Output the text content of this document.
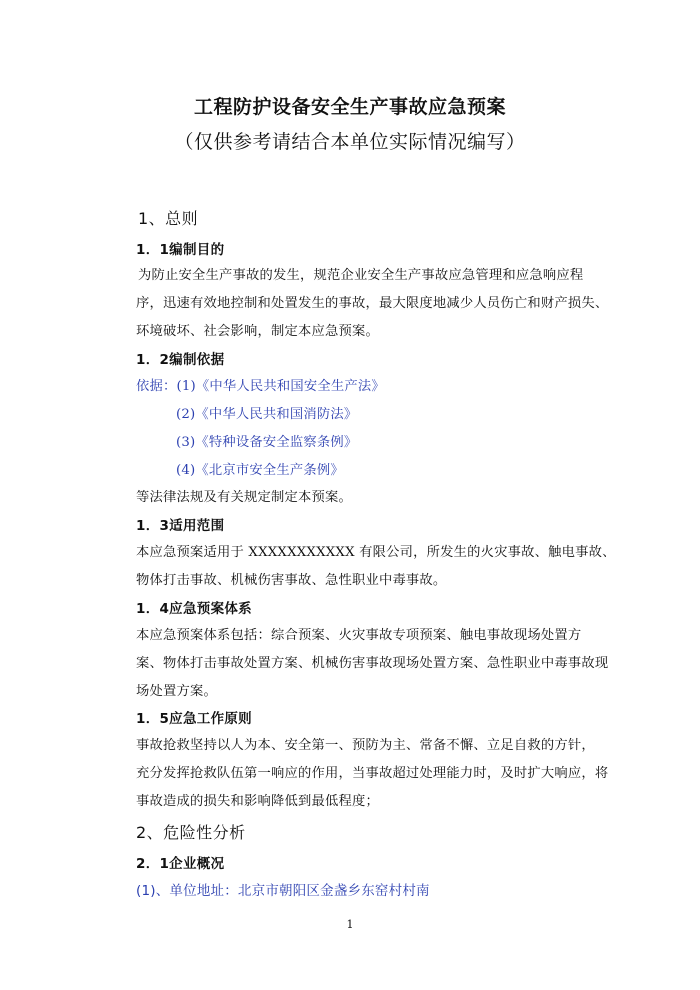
工程防护设备安全生产事故应急预案
（仅供参考请结合本单位实际情况编写）
1、总则
1．1编制目的
为防止安全生产事故的发生，规范企业安全生产事故应急管理和应急响应程
序，迅速有效地控制和处置发生的事故，最大限度地减少人员伤亡和财产损失、
环境破坏、社会影响，制定本应急预案。
1．2编制依据
依据：(1)《中华人民共和国安全生产法》
(2)《中华人民共和国消防法》
(3)《特种设备安全监察条例》
(4)《北京市安全生产条例》
等法律法规及有关规定制定本预案。
1．3适用范围
本应急预案适用于 XXXXXXXXXXX 有限公司，所发生的火灾事故、触电事故、
物体打击事故、机械伤害事故、急性职业中毒事故。
1．4应急预案体系
本应急预案体系包括：综合预案、火灾事故专项预案、触电事故现场处置方
案、物体打击事故处置方案、机械伤害事故现场处置方案、急性职业中毒事故现
场处置方案。
1．5应急工作原则
事故抢救坚持以人为本、安全第一、预防为主、常备不懈、立足自救的方针，
充分发挥抢救队伍第一响应的作用，当事故超过处理能力时，及时扩大响应，将
事故造成的损失和影响降低到最低程度；
2、危险性分析
2．1企业概况
(1)、单位地址：北京市朝阳区金盏乡东窑村村南
1
